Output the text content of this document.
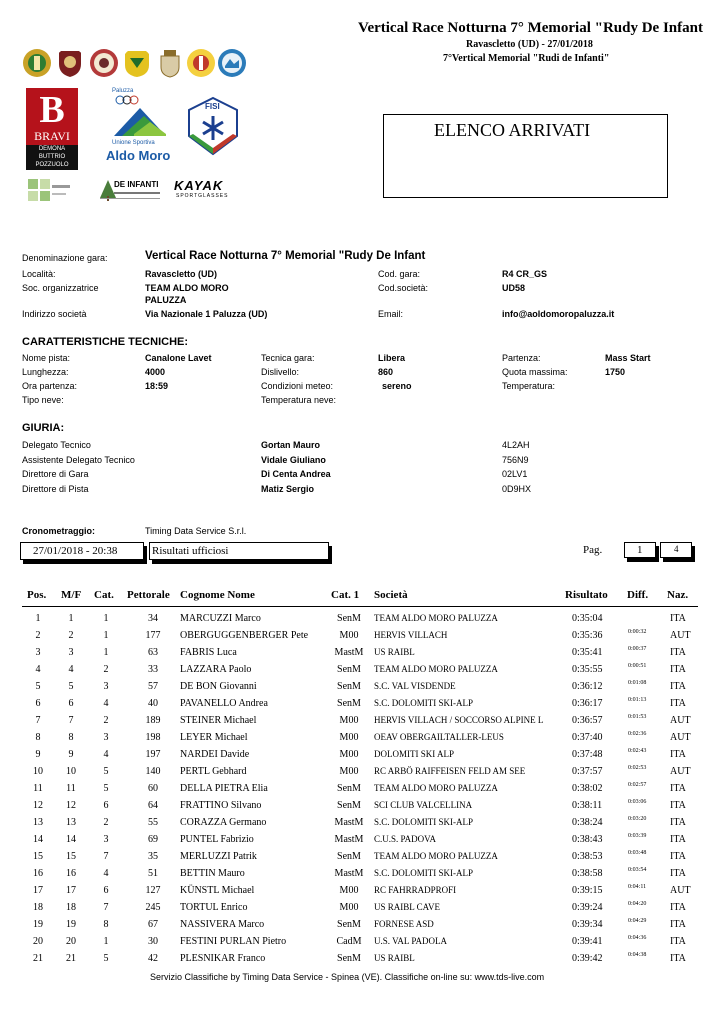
Vertical Race Notturna 7° Memorial "Rudy De Infant
Ravascletto (UD) - 27/01/2018
7°Vertical Memorial "Rudi de Infanti"
B
BRAVI
DEMONA
BUTTRIO
POZZUOLO
Paluzza
Unione Sportiva
Aldo Moro
FISI
DE INFANTI KAYAK
SPORTGLASSES
ELENCO ARRIVATI
Denominazione gara:	Vertical Race Notturna 7° Memorial "Rudy De Infant
Località:	Ravascletto (UD)	Cod. gara:	R4 CR_GS
Soc. organizzatrice	TEAM ALDO MORO
PALUZZA
Cod.società:	UD58
Indirizzo società	Via Nazionale 1 Paluzza (UD)	Email:	info@aoldomoropaluzza.it
CARATTERISTICHE TECNICHE:
Nome pista:	Canalone Lavet	Tecnica gara:	Libera	Partenza:	Mass Start
Lunghezza:	4000	Dislivello:	860	Quota massima:	1750
Ora partenza:	18:59	Condizioni meteo:	sereno	Temperatura:
Tipo neve:	Temperatura neve:
GIURIA:
Delegato Tecnico	Gortan Mauro	4L2AH
Assistente Delegato Tecnico	Vidale Giuliano	756N9
Direttore di Gara	Di Centa Andrea	02LV1
Direttore di Pista	Matiz Sergio	0D9HX
Cronometraggio:	Timing Data Service S.r.l.
27/01/2018 - 20:38	Risultati ufficiosi	Pag.	1	4
Pos. M/F Cat. Pettorale Cognome Nome	Cat. 1 Società	Risultato Diff. Naz.
1	1	1	34	MARCUZZI Marco	SenM	TEAM ALDO MORO PALUZZA	0:35:04	ITA
2	2	1	177	OBERGUGGENBERGER Pete	M00	HERVIS VILLACH	0:35:36	0:00:32 AUT
3	3	1	63	FABRIS Luca	MastM US RAIBL	0:35:41	0:00:37 ITA
4	4	2	33	LAZZARA Paolo	SenM	TEAM ALDO MORO PALUZZA	0:35:55	0:00:51 ITA
5	5	3	57	DE BON Giovanni	SenM	S.C. VAL VISDENDE	0:36:12	0:01:08 ITA
6	6	4	40	PAVANELLO Andrea	SenM	S.C. DOLOMITI SKI-ALP	0:36:17	0:01:13 ITA
7	7	2	189	STEINER Michael	M00	HERVIS VILLACH / SOCCORSO ALPINE L	0:36:57	0:01:53 AUT
8	8	3	198	LEYER Michael	M00	OEAV OBERGAILTALLER-LEUS	0:37:40	0:02:36 AUT
9	9	4	197	NARDEI Davide	M00	DOLOMITI SKI ALP	0:37:48	0:02:43 ITA
10	10	5	140	PERTL Gebhard	M00	RC ARBÖ RAIFFEISEN FELD AM SEE	0:37:57	0:02:53 AUT
11	11	5	60	DELLA PIETRA Elia	SenM	TEAM ALDO MORO PALUZZA	0:38:02	0:02:57 ITA
12	12	6	64	FRATTINO Silvano	SenM	SCI CLUB VALCELLINA	0:38:11	0:03:06 ITA
13	13	2	55	CORAZZA Germano	MastM S.C. DOLOMITI SKI-ALP	0:38:24	0:03:20 ITA
14	14	3	69	PUNTEL Fabrizio	MastM C.U.S. PADOVA	0:38:43	0:03:39 ITA
15	15	7	35	MERLUZZI Patrik	SenM	TEAM ALDO MORO PALUZZA	0:38:53	0:03:48 ITA
16	16	4	51	BETTIN Mauro	MastM S.C. DOLOMITI SKI-ALP	0:38:58	0:03:54 ITA
17	17	6	127	KÜNSTL Michael	M00	RC FAHRRADPROFI	0:39:15	0:04:11 AUT
18	18	7	245	TORTUL Enrico	M00	US RAIBL CAVE	0:39:24	0:04:20 ITA
19	19	8	67	NASSIVERA Marco	SenM	FORNESE ASD	0:39:34	0:04:29 ITA
20	20	1	30	FESTINI PURLAN Pietro	CadM U.S. VAL PADOLA	0:39:41	0:04:36 ITA
21	21	5	42	PLESNIKAR Franco	SenM	US RAIBL	0:39:42	0:04:38 ITA
Servizio Classifiche by Timing Data Service - Spinea (VE). Classifiche on-line su: www.tds-live.com
